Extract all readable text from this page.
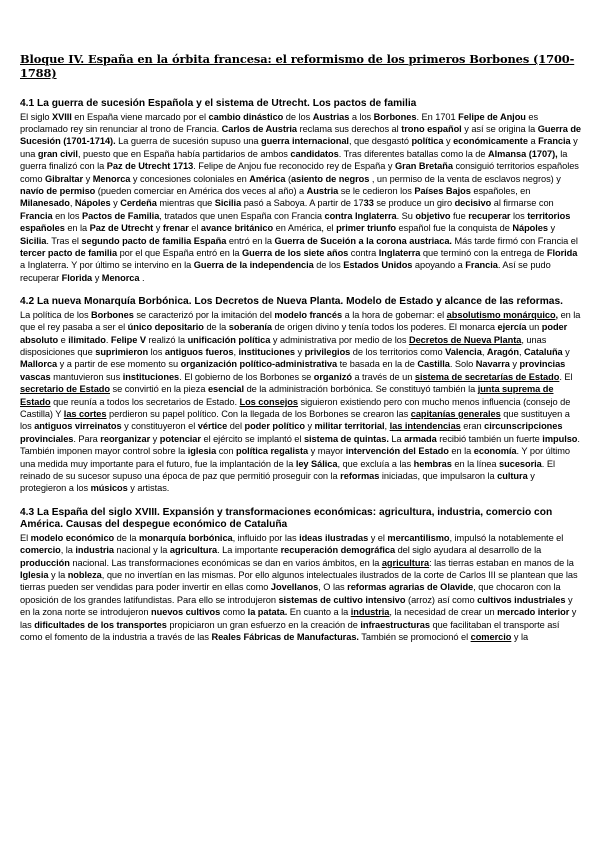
Bloque IV. España en la órbita francesa: el reformismo de los primeros Borbones (1700-1788)
4.1 La guerra de sucesión Española y el sistema de Utrecht. Los pactos de familia

El siglo XVIII en España viene marcado por el cambio dinástico de los Austrias a los Borbones. En 1701 Felipe de Anjou es proclamado rey sin renunciar al trono de Francia. Carlos de Austria reclama sus derechos al trono español y así se origina la Guerra de Sucesión (1701-1714). La guerra de sucesión supuso una guerra internacional, que desgastó política y económicamente a Francia y una gran civil, puesto que en España había partidarios de ambos candidatos. Tras diferentes batallas como la de Almansa (1707), la guerra finalizó con la Paz de Utrecht 1713. Felipe de Anjou fue reconocido rey de España y Gran Bretaña consiguió territorios españoles como Gibraltar y Menorca y concesiones coloniales en América (asiento de negros , un permiso de la venta de esclavos negros) y navío de permiso (pueden comerciar en América dos veces al año) a Austria se le cedieron los Países Bajos españoles, en Milanesado, Nápoles y Cerdeña mientras que Sicilia pasó a Saboya. A partir de 1733 se produce un giro decisivo al firmarse con Francia en los Pactos de Familia, tratados que unen España con Francia contra Inglaterra. Su objetivo fue recuperar los territorios españoles en la Paz de Utrecht y frenar el avance británico en América, el primer triunfo español fue la conquista de Nápoles y Sicilia. Tras el segundo pacto de familia España entró en la Guerra de Suceión a la corona austriaca. Más tarde firmó con Francia el tercer pacto de familia por el que España entró en la Guerra de los siete años contra Inglaterra que terminó con la entrega de Florida a Inglaterra. Y por último se intervino en la Guerra de la independencia de los Estados Unidos apoyando a Francia. Así se pudo recuperar Florida y Menorca .

4.2 La nueva Monarquía Borbónica. Los Decretos de Nueva Planta. Modelo de Estado y alcance de las reformas.

La política de los Borbones se caracterizó por la imitación del modelo francés a la hora de gobernar: el absolutismo monárquico, en la que el rey pasaba a ser el único depositario de la soberanía de origen divino y tenía todos los poderes. El monarca ejercía un poder absoluto e ilimitado. Felipe V realizó la unificación política y administrativa por medio de los Decretos de Nueva Planta, unas disposiciones que suprimieron los antiguos fueros, instituciones y privilegios de los territorios como Valencia, Aragón, Cataluña y Mallorca y a partir de ese momento su organización político-administrativa te basada en la de Castilla. Solo Navarra y provincias vascas mantuvieron sus instituciones. El gobierno de los Borbones se organizó a través de un sistema de secretarías de Estado. El secretario de Estado se convirtió en la pieza esencial de la administración borbónica. Se constituyó también la junta suprema de Estado que reunía a todos los secretarios de Estado. Los consejos siguieron existiendo pero con mucho menos influencia (consejo de Castilla) Y las cortes perdieron su papel político. Con la llegada de los Borbones se crearon las capitanías generales que sustituyen a los antiguos virreinatos y constituyeron el vértice del poder político y militar territorial, las intendencias eran circunscripciones provinciales. Para reorganizar y potenciar el ejército se implantó el sistema de quintas. La armada recibió también un fuerte impulso. También imponen mayor control sobre la iglesia con política regalista y mayor intervención del Estado en la economía. Y por último una medida muy importante para el futuro, fue la implantación de la ley Sálica, que excluía a las hembras en la línea sucesoria. El reinado de su sucesor supuso una época de paz que permitió proseguir con la reformas iniciadas, que impulsaron la cultura y protegieron a los músicos y artistas.

4.3 La España del siglo XVIII. Expansión y transformaciones económicas: agricultura, industria, comercio con América. Causas del despegue económico de Cataluña

El modelo económico de la monarquía borbónica, influido por las ideas ilustradas y el mercantilismo, impulsó la notablemente el comercio, la industria nacional y la agricultura. La importante recuperación demográfica del siglo ayudara al desarrollo de la producción nacional. Las transformaciones económicas se dan en varios ámbitos, en la agricultura: las tierras estaban en manos de la Iglesia y la nobleza, que no invertían en las mismas. Por ello algunos intelectuales ilustrados de la corte de Carlos III se plantean que las tierras pueden ser vendidas para poder invertir en ellas como Jovellanos, O las reformas agrarias de Olavide, que chocaron con la oposición de los grandes latifundistas. Para ello se introdujeron sistemas de cultivo intensivo (arroz) así como cultivos industriales y en la zona norte se introdujeron nuevos cultivos como la patata. En cuanto a la industria, la necesidad de crear un mercado interior y las dificultades de los transportes propiciaron un gran esfuerzo en la creación de infraestructuras que facilitaban el transporte así como el fomento de la industria a través de las Reales Fábricas de Manufacturas. También se promocionó el comercio y la
